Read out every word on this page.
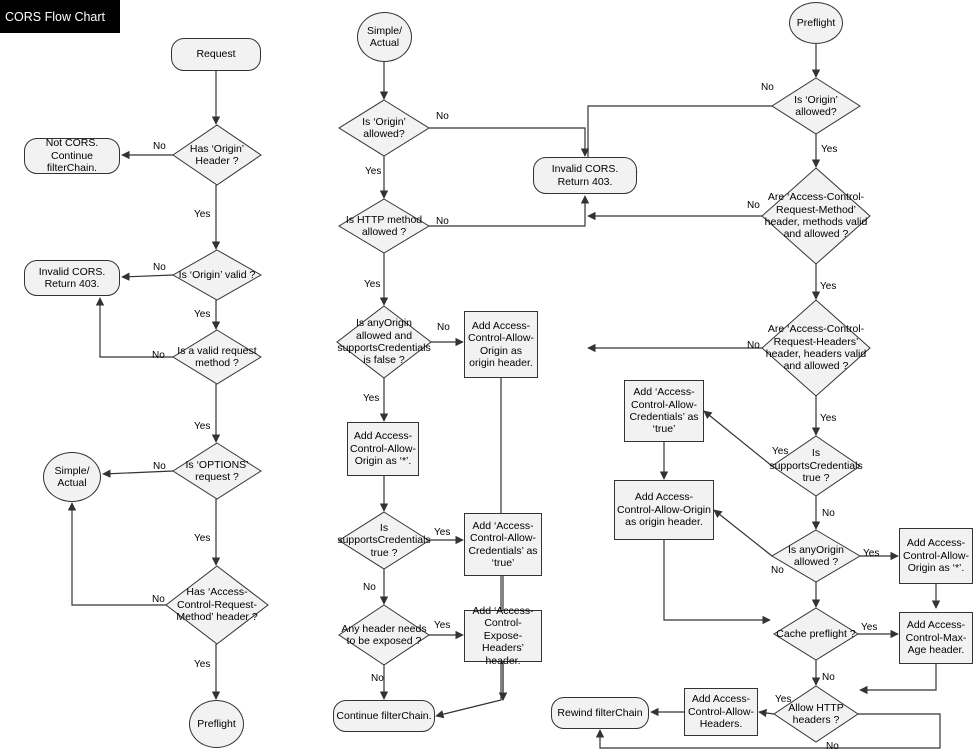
CORS Flow Chart
Request
Has ‘Origin’ Header ?
Not CORS. Continue filterChain.
Is ‘Origin’ valid ?
Invalid CORS. Return 403.
Is a valid request method ?
Is ‘OPTIONS’ request ?
Simple/ Actual
Has ‘Access-Control-Request-Method’ header ?
Preflight
Simple/ Actual
Is ‘Origin’ allowed?
Invalid CORS. Return 403.
Is HTTP method allowed ?
Is anyOrigin allowed and supportsCredentials is false ?
Add Access-Control-Allow-Origin as origin header.
Add Access-Control-Allow-Origin as ‘*’.
Is supportsCredentials true ?
Add ‘Access-Control-Allow-Credentials’ as ‘true’
Any header needs to be exposed ?
Add ‘Access-Control-Expose-Headers’ header.
Continue filterChain.
Preflight
Is ‘Origin’ allowed?
Are ‘Access-Control-Request-Method’ header, methods valid and allowed ?
Are ‘Access-Control-Request-Headers’ header, headers valid and allowed ?
Is supportsCredentials true ?
Add ‘Access-Control-Allow-Credentials’ as ‘true’
Add Access-Control-Allow-Origin as origin header.
Is anyOrigin allowed ?
Add Access-Control-Allow-Origin as ‘*’.
Cache preflight ?
Add Access-Control-Max-Age header.
Allow HTTP headers ?
Add Access-Control-Allow-Headers.
Rewind filterChain
No
Yes
No
Yes
No
Yes
No
Yes
No
Yes
No
Yes
No
Yes
No
Yes
Yes
No
Yes
No
No
Yes
No
Yes
No
Yes
Yes
No
No
Yes
Yes
No
Yes
No
